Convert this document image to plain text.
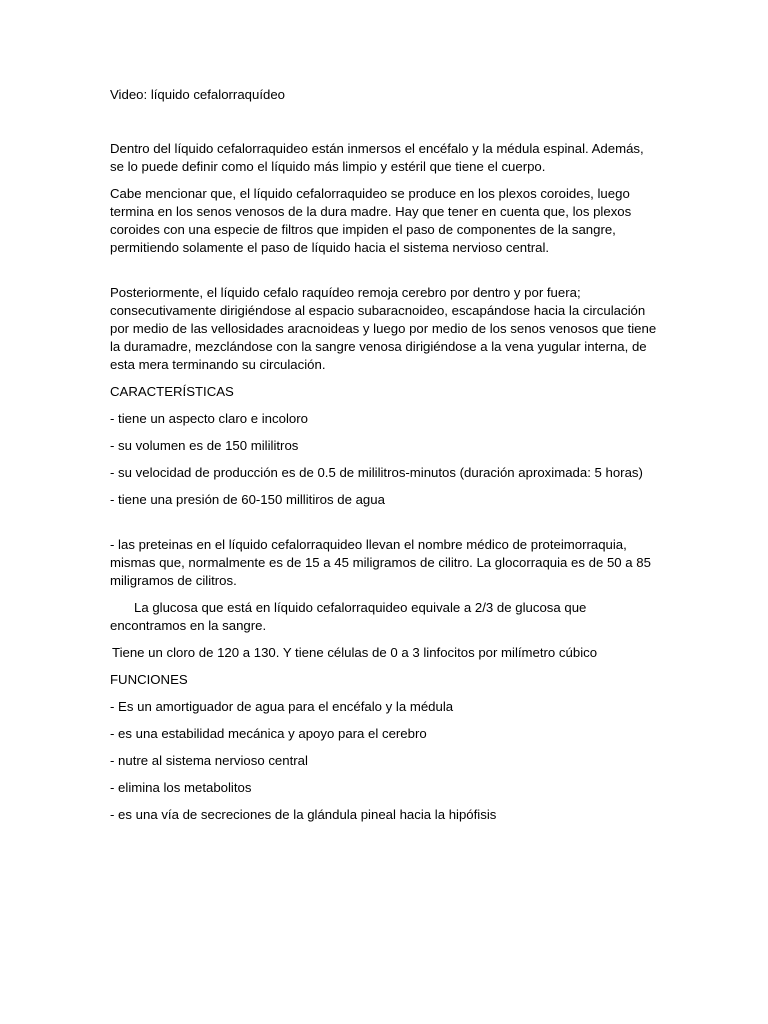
Video: líquido cefalorraquídeo

Dentro del líquido cefalorraquideo están inmersos el encéfalo y la médula espinal. Además, se lo puede definir como el líquido más limpio y estéril que tiene el cuerpo.

Cabe mencionar que, el líquido cefalorraquideo se produce en los plexos coroides, luego termina en los senos venosos de la dura madre. Hay que tener en cuenta que, los plexos coroides con una especie de filtros que impiden el paso de componentes de la sangre, permitiendo solamente el paso de líquido hacia el sistema nervioso central.

Posteriormente, el líquido cefalo raquídeo remoja cerebro por dentro y por fuera; consecutivamente dirigiéndose al espacio subaracnoideo, escapándose hacia la circulación por medio de las vellosidades aracnoideas y luego por medio de los senos venosos que tiene la duramadre, mezclándose con la sangre venosa dirigiéndose a la vena yugular interna, de esta mera terminando su circulación.

CARACTERÍSTICAS

- tiene un aspecto claro e incoloro

- su volumen es de 150 mililitros

- su velocidad de producción es de 0.5 de mililitros-minutos (duración aproximada: 5 horas)

- tiene una presión de 60-150 millitiros de agua

- las preteinas en el líquido cefalorraquideo llevan el nombre médico de proteimorraquia, mismas que, normalmente es de 15 a 45 miligramos de cilitro. La glocorraquia es de 50 a 85 miligramos de cilitros.

La glucosa que está en líquido cefalorraquideo equivale a 2/3 de glucosa que encontramos en la sangre.

Tiene un cloro de 120 a 130. Y tiene células de 0 a 3 linfocitos por milímetro cúbico

FUNCIONES

- Es un amortiguador de agua para el encéfalo y la médula

- es una estabilidad mecánica y apoyo para el cerebro

- nutre al sistema nervioso central

- elimina los metabolitos

- es una vía de secreciones de la glándula pineal hacia la hipófisis
